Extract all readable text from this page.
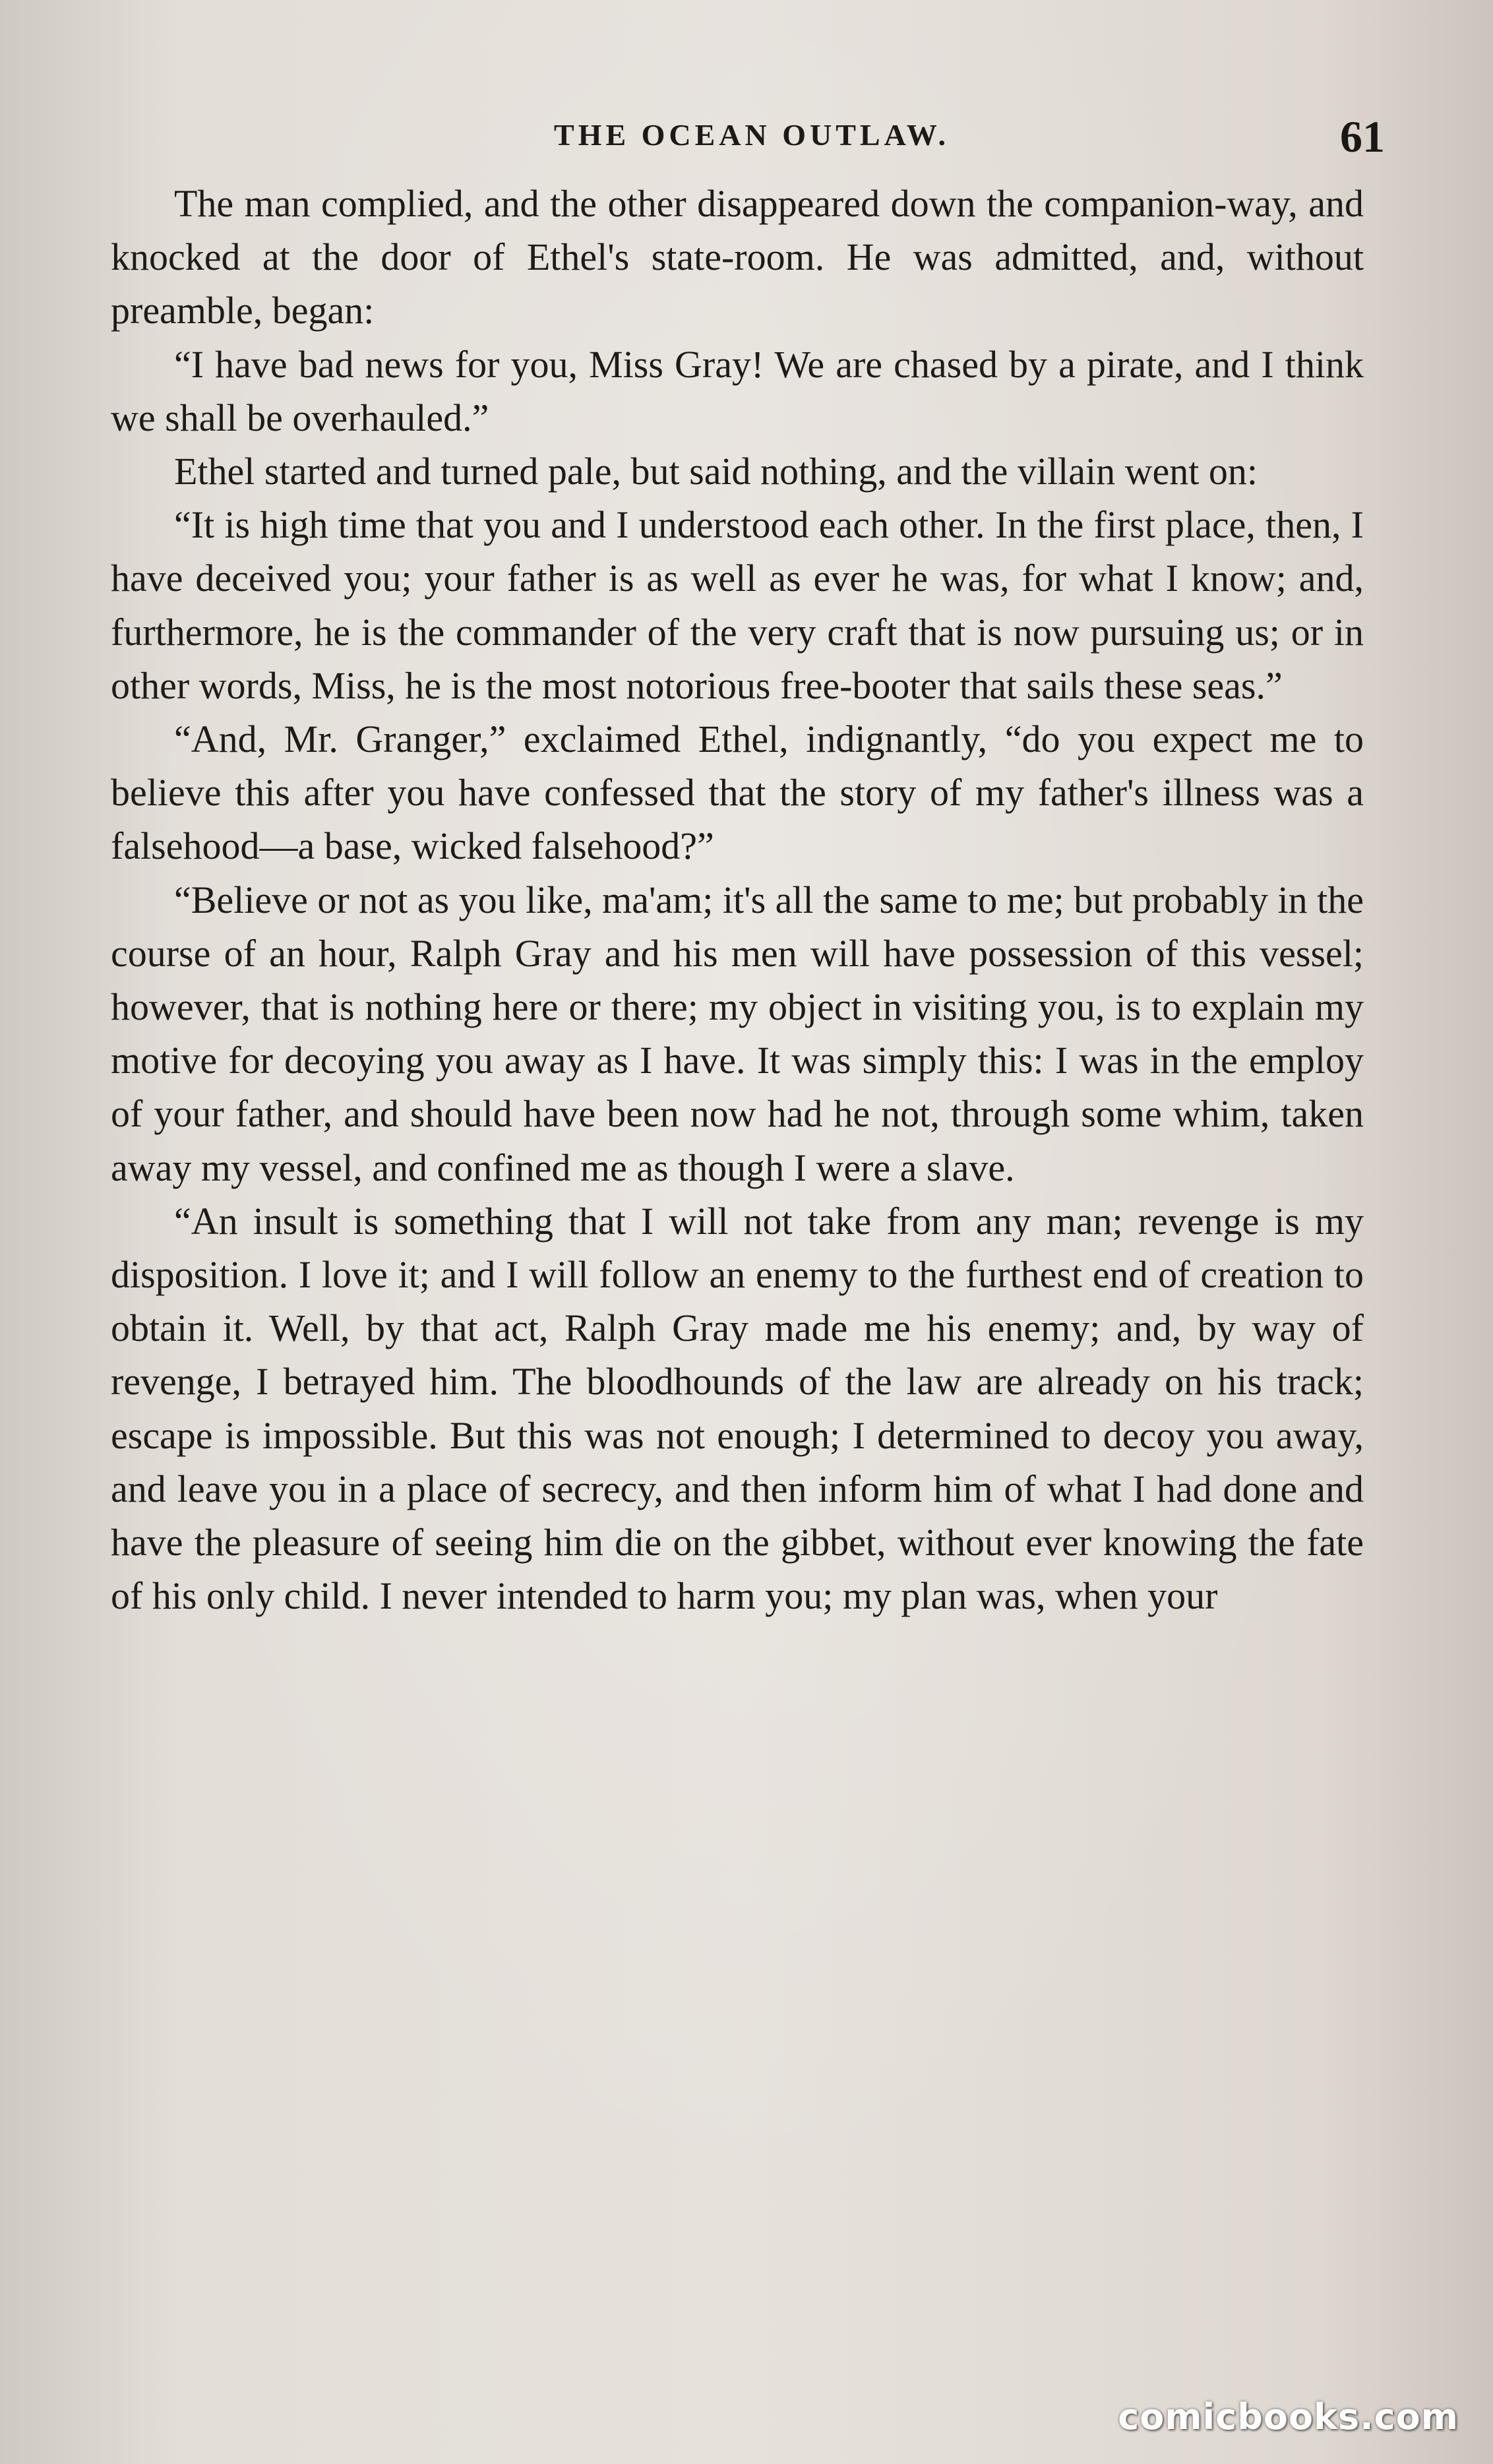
THE OCEAN OUTLAW.	61

The man complied, and the other disappeared down the companion-way, and knocked at the door of Ethel's state-room. He was admitted, and, without preamble, began:

“I have bad news for you, Miss Gray! We are chased by a pirate, and I think we shall be overhauled.”

Ethel started and turned pale, but said nothing, and the villain went on:

“It is high time that you and I understood each other. In the first place, then, I have deceived you; your father is as well as ever he was, for what I know; and, furthermore, he is the commander of the very craft that is now pursuing us; or in other words, Miss, he is the most notorious free-booter that sails these seas.”

“And, Mr. Granger,” exclaimed Ethel, indignantly, “do you expect me to believe this after you have confessed that the story of my father's illness was a falsehood—a base, wicked falsehood?”

“Believe or not as you like, ma'am; it's all the same to me; but probably in the course of an hour, Ralph Gray and his men will have possession of this vessel; however, that is nothing here or there; my object in visiting you, is to explain my motive for decoying you away as I have. It was simply this: I was in the employ of your father, and should have been now had he not, through some whim, taken away my vessel, and confined me as though I were a slave.

“An insult is something that I will not take from any man; revenge is my disposition. I love it; and I will follow an enemy to the furthest end of creation to obtain it. Well, by that act, Ralph Gray made me his enemy; and, by way of revenge, I betrayed him. The bloodhounds of the law are already on his track; escape is impossible. But this was not enough; I determined to decoy you away, and leave you in a place of secrecy, and then inform him of what I had done and have the pleasure of seeing him die on the gibbet, without ever knowing the fate of his only child. I never intended to harm you; my plan was, when your

comicbooks.com
